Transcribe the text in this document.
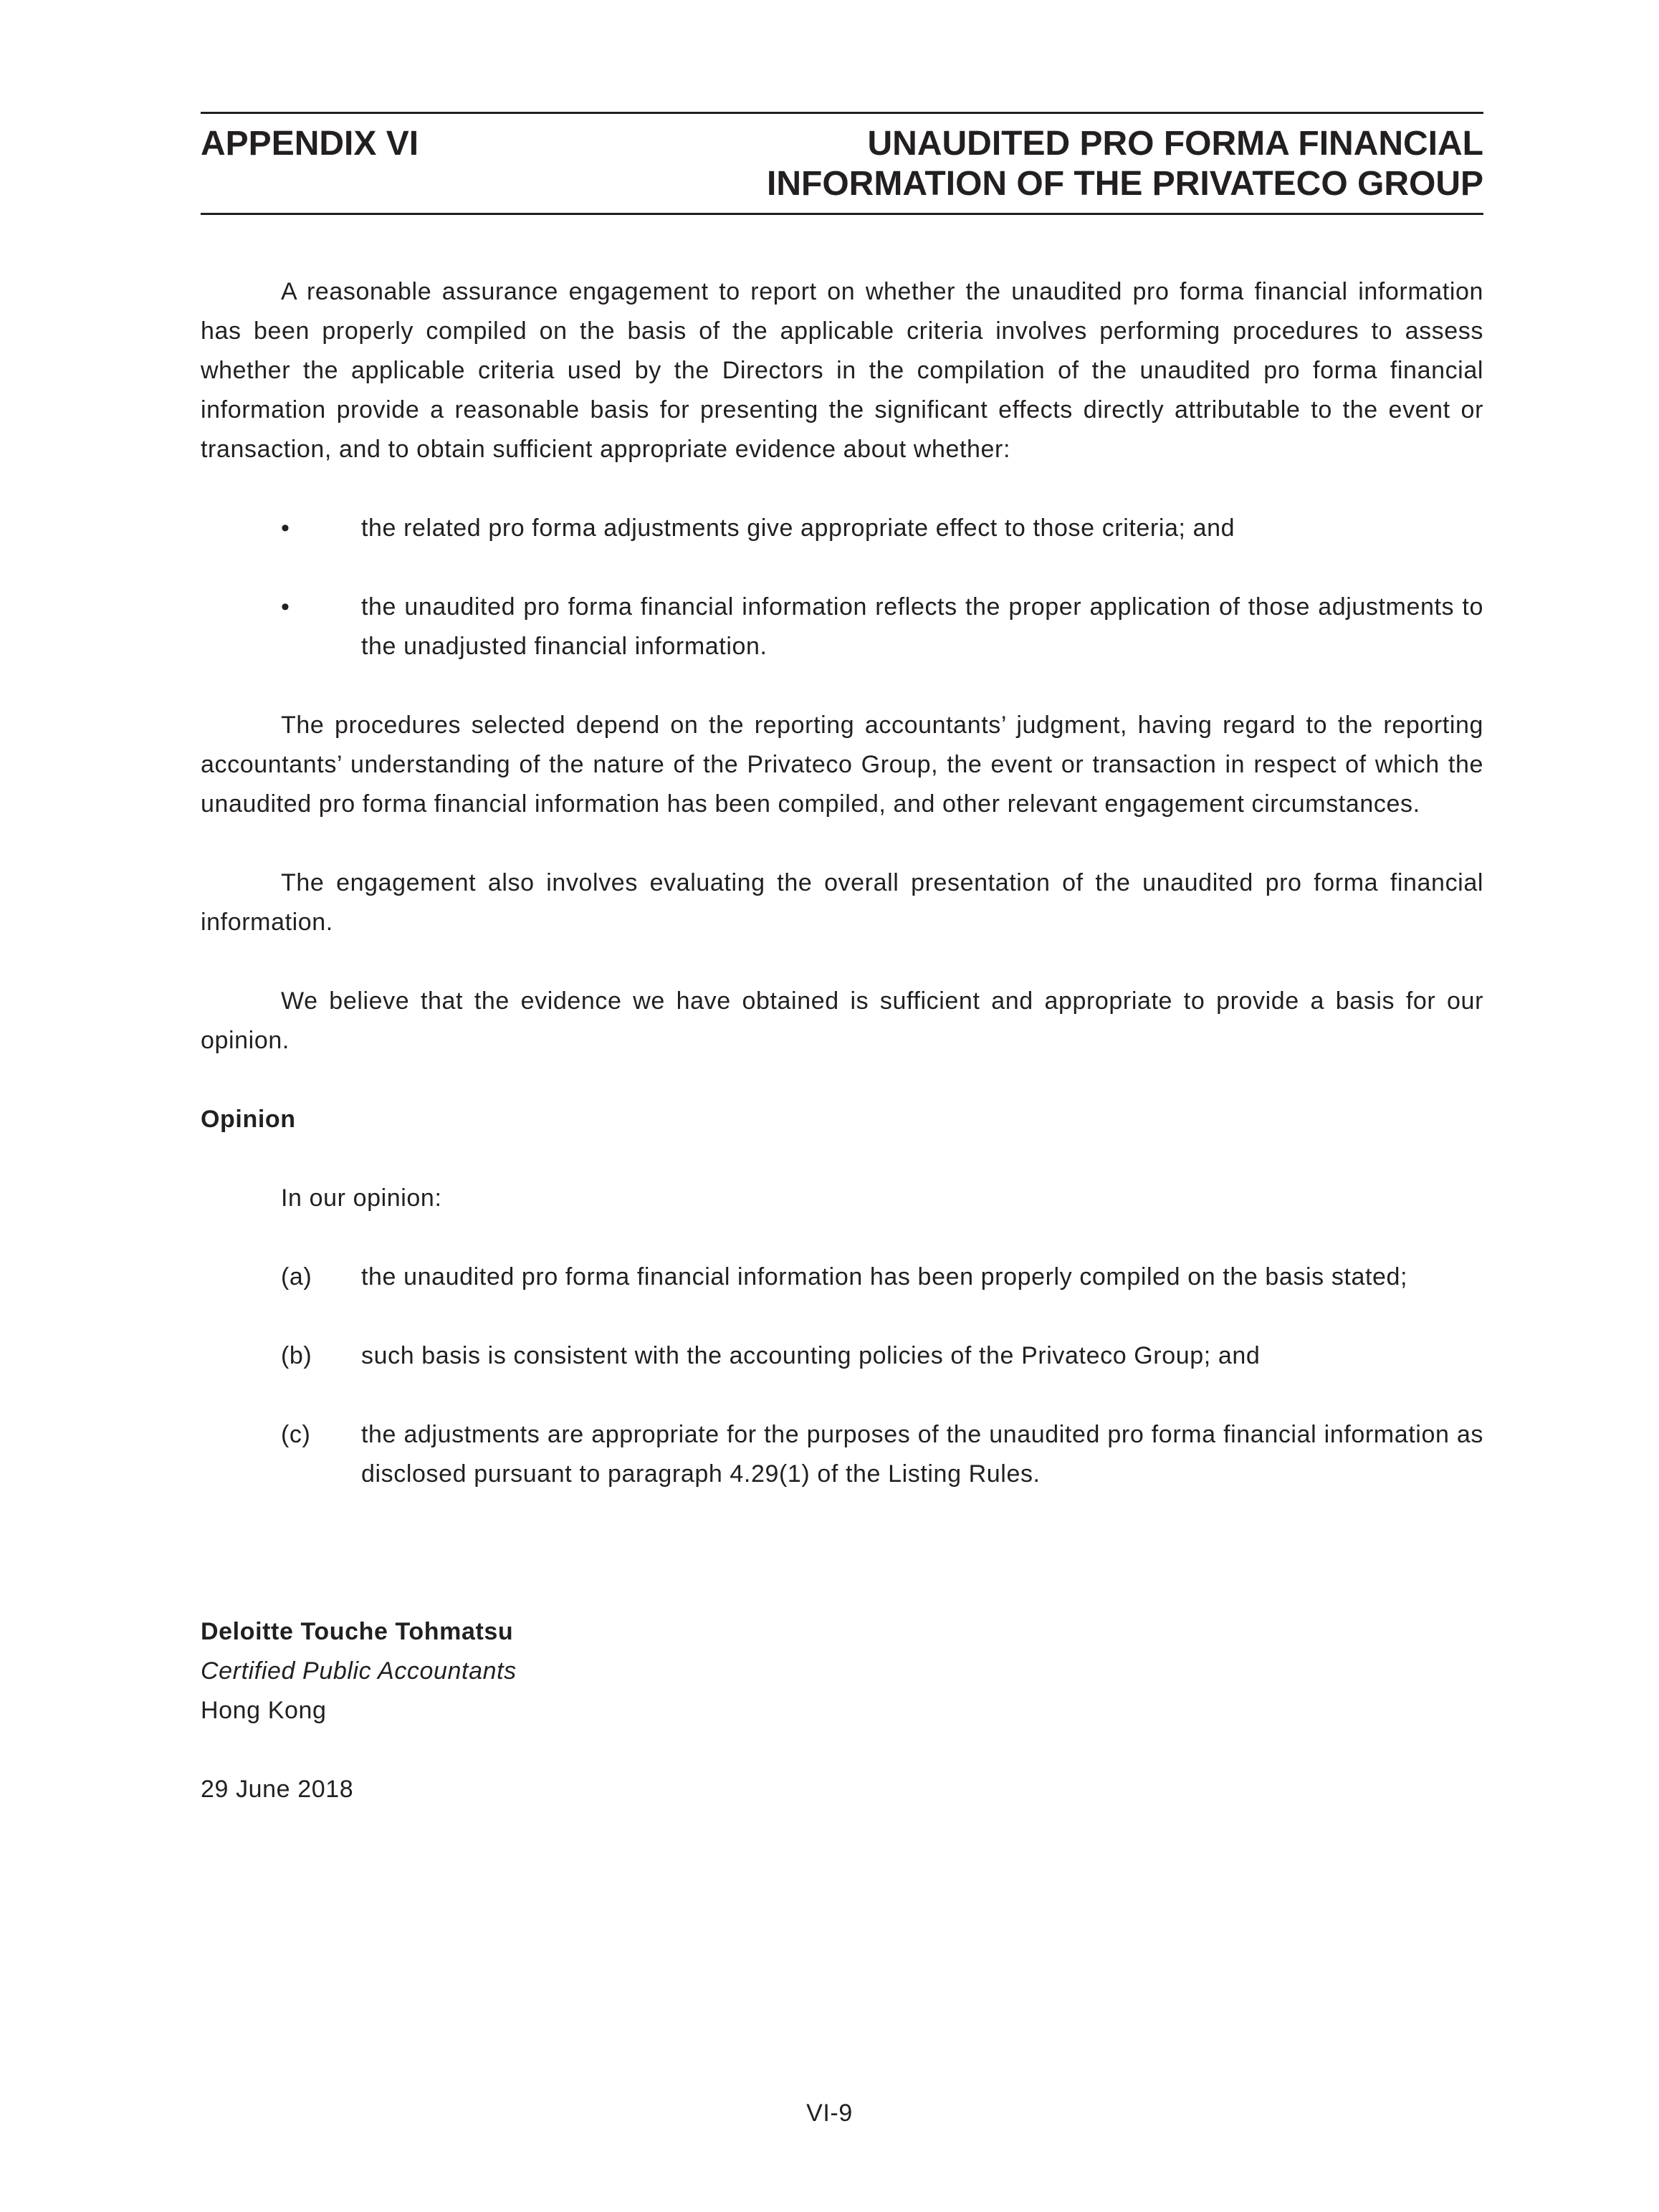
APPENDIX VI	UNAUDITED PRO FORMA FINANCIAL
INFORMATION OF THE PRIVATECO GROUP

A reasonable assurance engagement to report on whether the unaudited pro forma financial information has been properly compiled on the basis of the applicable criteria involves performing procedures to assess whether the applicable criteria used by the Directors in the compilation of the unaudited pro forma financial information provide a reasonable basis for presenting the significant effects directly attributable to the event or transaction, and to obtain sufficient appropriate evidence about whether:

•	the related pro forma adjustments give appropriate effect to those criteria; and
•	the unaudited pro forma financial information reflects the proper application of those adjustments to the unadjusted financial information.

The procedures selected depend on the reporting accountants’ judgment, having regard to the reporting accountants’ understanding of the nature of the Privateco Group, the event or transaction in respect of which the unaudited pro forma financial information has been compiled, and other relevant engagement circumstances.

The engagement also involves evaluating the overall presentation of the unaudited pro forma financial information.

We believe that the evidence we have obtained is sufficient and appropriate to provide a basis for our opinion.

Opinion

In our opinion:

(a)	the unaudited pro forma financial information has been properly compiled on the basis stated;
(b)	such basis is consistent with the accounting policies of the Privateco Group; and
(c)	the adjustments are appropriate for the purposes of the unaudited pro forma financial information as disclosed pursuant to paragraph 4.29(1) of the Listing Rules.

Deloitte Touche Tohmatsu

Certified Public Accountants

Hong Kong

29 June 2018

VI-9
